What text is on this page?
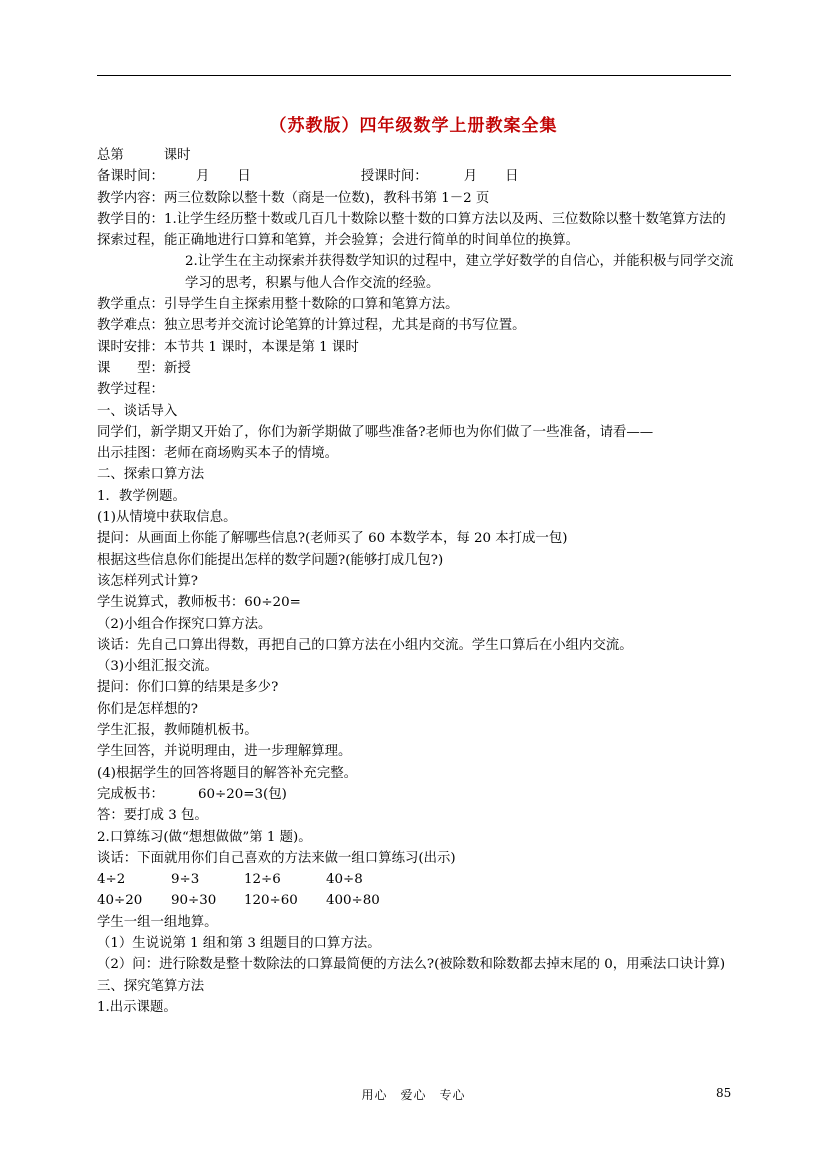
（苏教版）四年级数学上册教案全集
总第	课时
备课时间： 月 日	授课时间：	月 日
教学内容：两三位数除以整十数（商是一位数)，教科书第 1－2 页
教学目的：1.让学生经历整十数或几百几十数除以整十数的口算方法以及两、三位数除以整十数笔算方法的探索过程，能正确地进行口算和笔算，并会验算；会进行简单的时间单位的换算。
2.让学生在主动探索并获得数学知识的过程中，建立学好数学的自信心，并能积极与同学交流学习的思考，积累与他人合作交流的经验。
教学重点：引导学生自主探索用整十数除的口算和笔算方法。
教学难点：独立思考并交流讨论笔算的计算过程，尤其是商的书写位置。
课时安排：本节共 1 课时，本课是第 1 课时
课　　型：新授
教学过程：
一、谈话导入
同学们，新学期又开始了，你们为新学期做了哪些准备?老师也为你们做了一些准备，请看——
出示挂图：老师在商场购买本子的情境。
二、探索口算方法
1．教学例题。
(1)从情境中获取信息。
提问：从画面上你能了解哪些信息?(老师买了 60 本数学本，每 20 本打成一包)
根据这些信息你们能提出怎样的数学问题?(能够打成几包?)
该怎样列式计算?
学生说算式，教师板书：60÷20=
（2)小组合作探究口算方法。
谈话：先自己口算出得数，再把自己的口算方法在小组内交流。学生口算后在小组内交流。
（3)小组汇报交流。
提问：你们口算的结果是多少?
你们是怎样想的?
学生汇报，教师随机板书。
学生回答，并说明理由，进一步理解算理。
(4)根据学生的回答将题目的解答补充完整。
完成板书：	60÷20=3(包)
答：要打成 3 包。
2.口算练习(做“想想做做”第 1 题)。
谈话：下面就用你们自己喜欢的方法来做一组口算练习(出示)
4÷2	9÷3	12÷6	40÷8
40÷20 90÷30 120÷60 400÷80
学生一组一组地算。
（1）生说说第 1 组和第 3 组题目的口算方法。
（2）问：进行除数是整十数除法的口算最简便的方法么?(被除数和除数都去掉末尾的 0，用乘法口诀计算)
三、探究笔算方法
1.出示课题。
用心　爱心　专心	85
